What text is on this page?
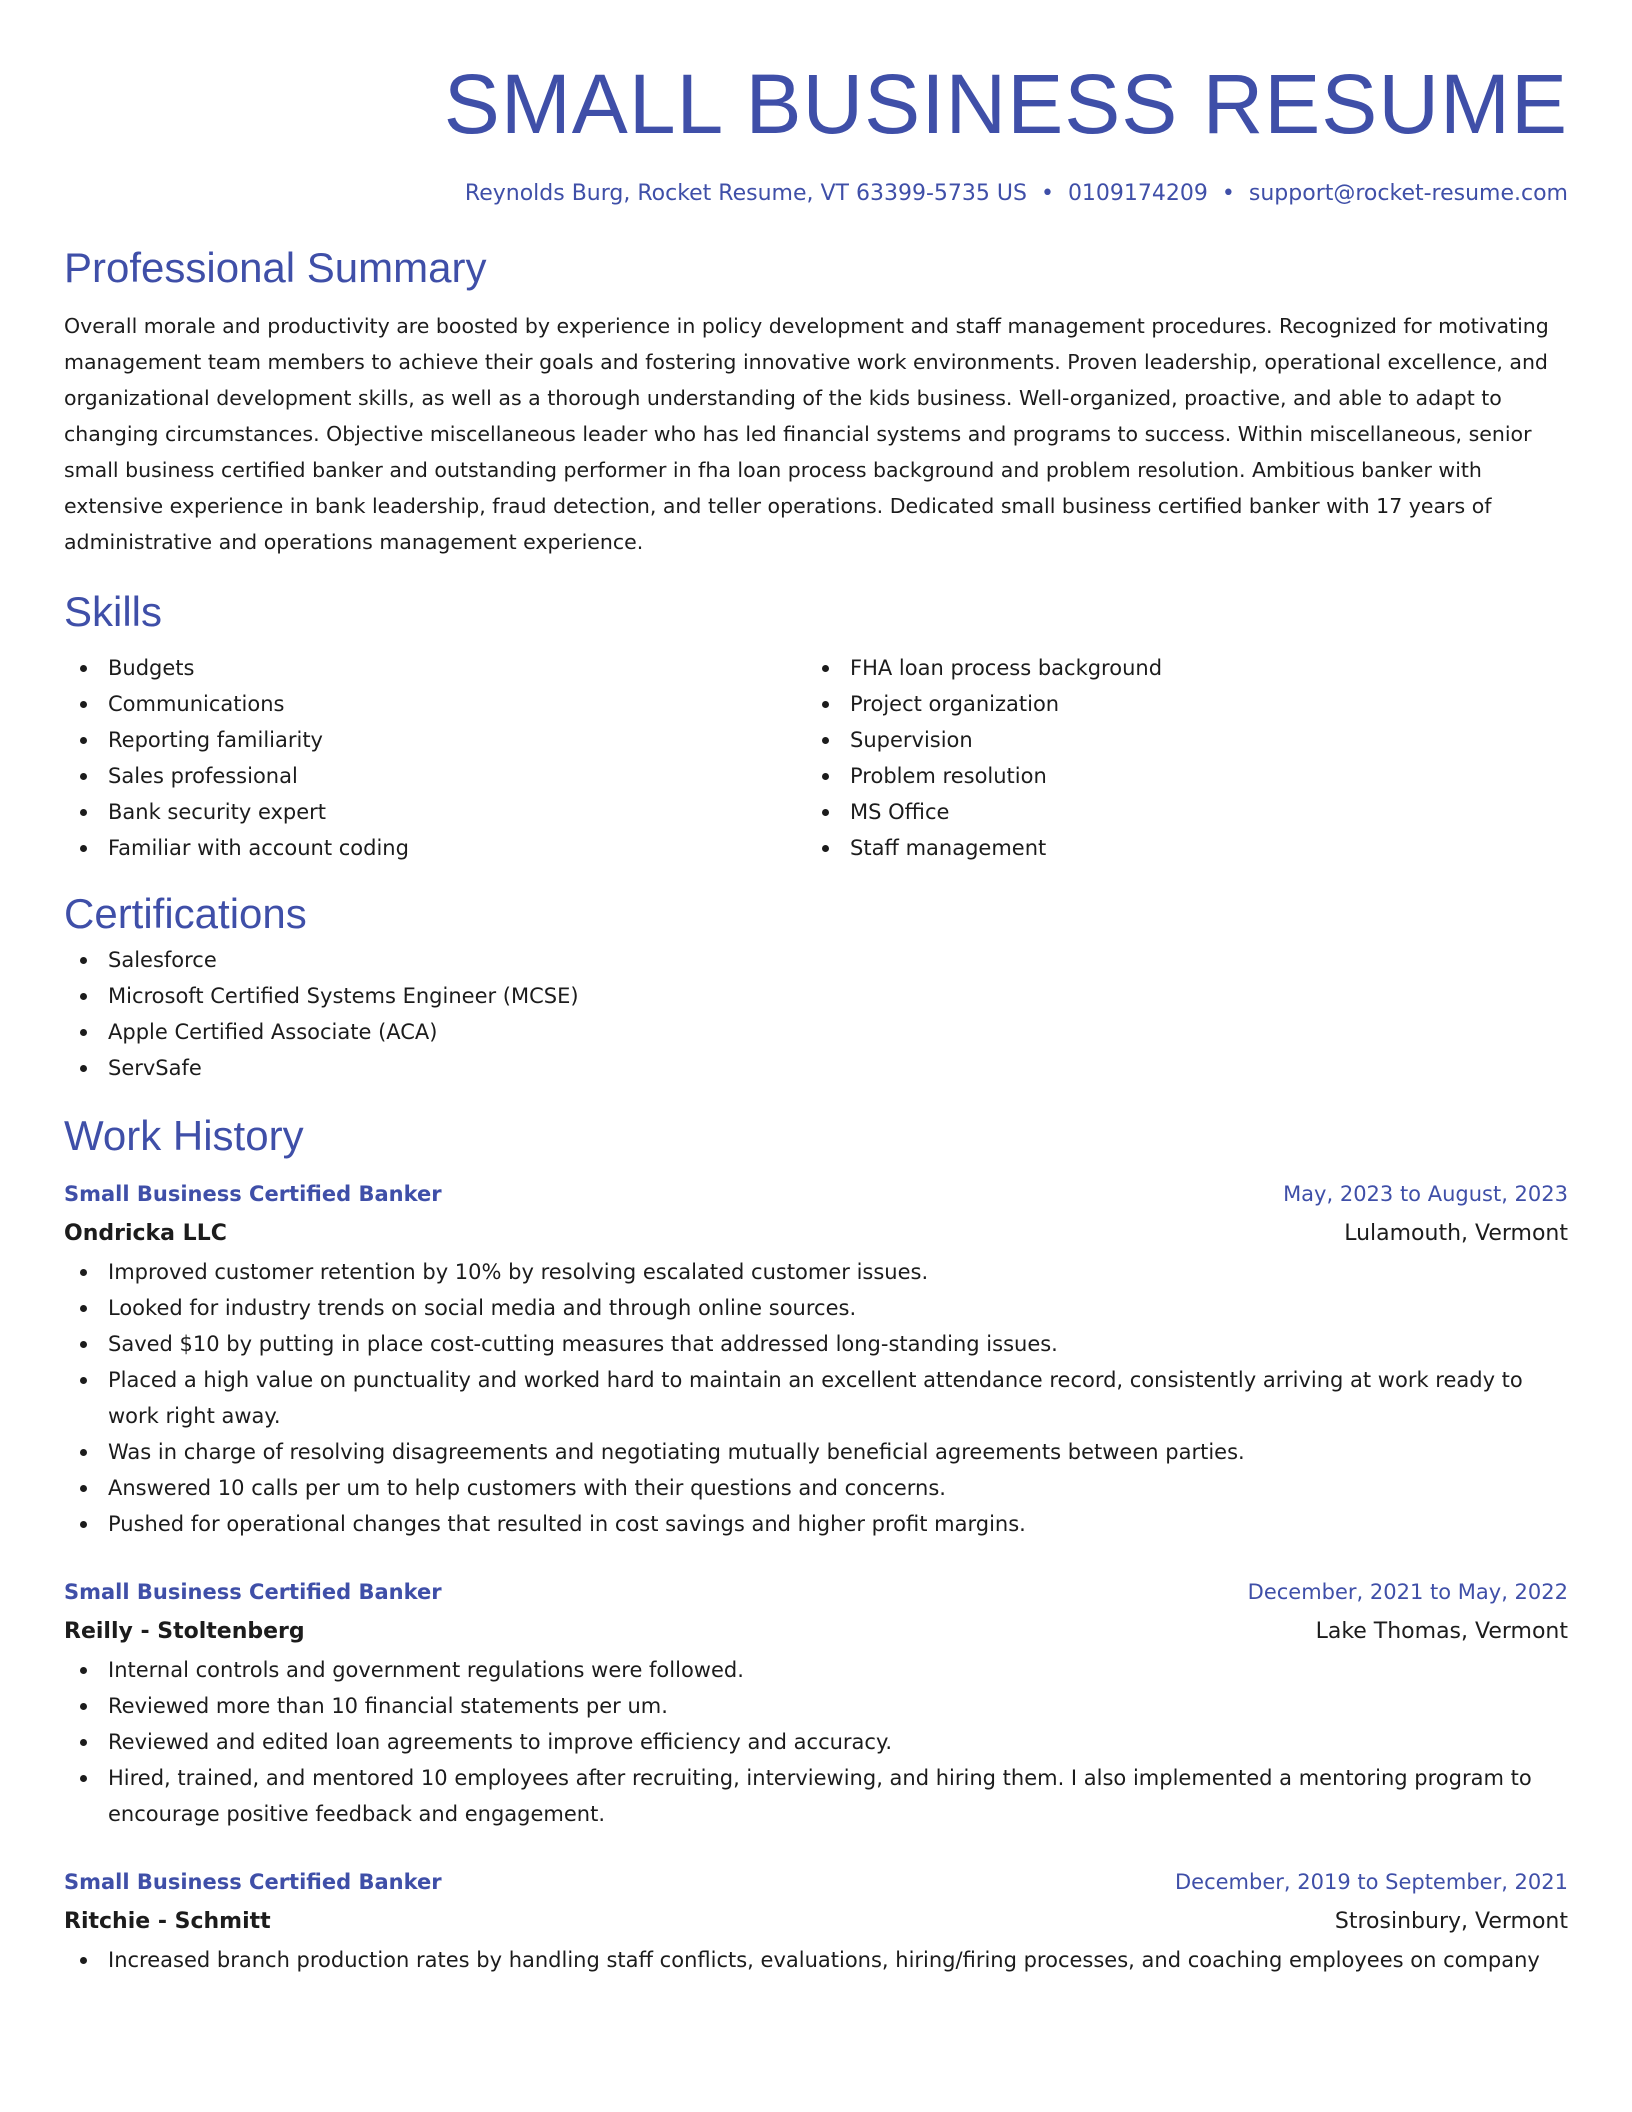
SMALL BUSINESS RESUME
Reynolds Burg, Rocket Resume, VT 63399-5735 US • 0109174209 • support@rocket-resume.com
Professional Summary

Overall morale and productivity are boosted by experience in policy development and staff management procedures. Recognized for motivating management team members to achieve their goals and fostering innovative work environments. Proven leadership, operational excellence, and organizational development skills, as well as a thorough understanding of the kids business. Well-organized, proactive, and able to adapt to changing circumstances. Objective miscellaneous leader who has led financial systems and programs to success. Within miscellaneous, senior small business certified banker and outstanding performer in fha loan process background and problem resolution. Ambitious banker with extensive experience in bank leadership, fraud detection, and teller operations. Dedicated small business certified banker with 17 years of administrative and operations management experience.

Skills
Budgets
Communications
Reporting familiarity
Sales professional
Bank security expert
Familiar with account coding
FHA loan process background
Project organization
Supervision
Problem resolution
MS Office
Staff management
Certifications
Salesforce
Microsoft Certified Systems Engineer (MCSE)
Apple Certified Associate (ACA)
ServSafe
Work History
Small Business Certified Banker	May, 2023 to August, 2023
Ondricka LLC	Lulamouth, Vermont
Improved customer retention by 10% by resolving escalated customer issues.
Looked for industry trends on social media and through online sources.
Saved $10 by putting in place cost-cutting measures that addressed long-standing issues.
Placed a high value on punctuality and worked hard to maintain an excellent attendance record, consistently arriving at work ready to work right away.
Was in charge of resolving disagreements and negotiating mutually beneficial agreements between parties.
Answered 10 calls per um to help customers with their questions and concerns.
Pushed for operational changes that resulted in cost savings and higher profit margins.
Small Business Certified Banker	December, 2021 to May, 2022
Reilly - Stoltenberg	Lake Thomas, Vermont
Internal controls and government regulations were followed.
Reviewed more than 10 financial statements per um.
Reviewed and edited loan agreements to improve efficiency and accuracy.
Hired, trained, and mentored 10 employees after recruiting, interviewing, and hiring them. I also implemented a mentoring program to encourage positive feedback and engagement.
Small Business Certified Banker	December, 2019 to September, 2021
Ritchie - Schmitt	Strosinbury, Vermont
Increased branch production rates by handling staff conflicts, evaluations, hiring/firing processes, and coaching employees on company
